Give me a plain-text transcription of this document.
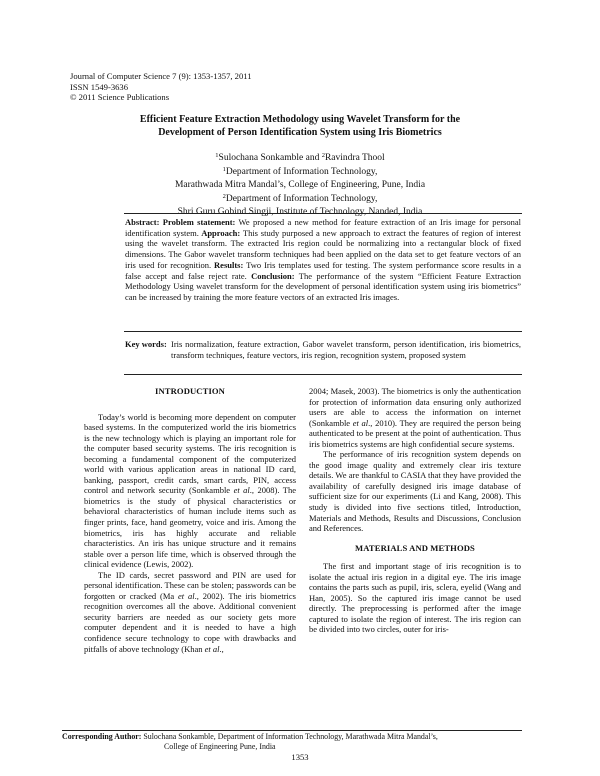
Journal of Computer Science 7 (9): 1353-1357, 2011
ISSN 1549-3636
© 2011 Science Publications
Efficient Feature Extraction Methodology using Wavelet Transform for the
Development of Person Identification System using Iris Biometrics
$^1$Sulochana Sonkamble and $^2$Ravindra Thool
$^1$Department of Information Technology,
Marathwada Mitra Mandal’s, College of Engineering, Pune, India
$^2$Department of Information Technology,
Shri Guru Gobind Singji, Institute of Technology, Nanded, India
Abstract: Problem statement: We proposed a new method for feature extraction of an Iris image for personal identification system. Approach: This study purposed a new approach to extract the features of region of interest using the wavelet transform. The extracted Iris region could be normalizing into a rectangular block of fixed dimensions. The Gabor wavelet transform techniques had been applied on the data set to get feature vectors of an iris used for recognition. Results: Two Iris templates used for testing. The system performance score results in a false accept and false reject rate. Conclusion: The performance of the system “Efficient Feature Extraction Methodology Using wavelet transform for the development of personal identification system using iris biometrics” can be increased by training the more feature vectors of an extracted Iris images.
Key words: Iris normalization, feature extraction, Gabor wavelet transform, person identification, iris biometrics, transform techniques, feature vectors, iris region, recognition system, proposed system
INTRODUCTION

Today’s world is becoming more dependent on computer based systems. In the computerized world the iris biometrics is the new technology which is playing an important role for the computer based security systems. The iris recognition is becoming a fundamental component of the computerized world with various application areas in national ID card, banking, passport, credit cards, smart cards, PIN, access control and network security (Sonkamble et al., 2008). The biometrics is the study of physical characteristics or behavioral characteristics of human include items such as finger prints, face, hand geometry, voice and iris. Among the biometrics, iris has highly accurate and reliable characteristics. An iris has unique structure and it remains stable over a person life time, which is observed through the clinical evidence (Lewis, 2002).

The ID cards, secret password and PIN are used for personal identification. These can be stolen; passwords can be forgotten or cracked (Ma et al., 2002). The iris biometrics recognition overcomes all the above. Additional convenient security barriers are needed as our society gets more computer dependent and it is needed to have a high confidence secure technology to cope with drawbacks and pitfalls of above technology (Khan et al.,

2004; Masek, 2003). The biometrics is only the authentication for protection of information data ensuring only authorized users are able to access the information on internet (Sonkamble et al., 2010). They are required the person being authenticated to be present at the point of authentication. Thus iris biometrics systems are high confidential secure systems.

The performance of iris recognition system depends on the good image quality and extremely clear iris texture details. We are thankful to CASIA that they have provided the availability of carefully designed iris image database of sufficient size for our experiments (Li and Kang, 2008). This study is divided into five sections titled, Introduction, Materials and Methods, Results and Discussions, Conclusion and References.

MATERIALS AND METHODS

The first and important stage of iris recognition is to isolate the actual iris region in a digital eye. The iris image contains the parts such as pupil, iris, sclera, eyelid (Wang and Han, 2005). So the captured iris image cannot be used directly. The preprocessing is performed after the image captured to isolate the region of interest. The iris region can be divided into two circles, outer for iris-

Corresponding Author: Sulochana Sonkamble, Department of Information Technology, Marathwada Mitra Mandal’s,
College of Engineering Pune, India
1353
